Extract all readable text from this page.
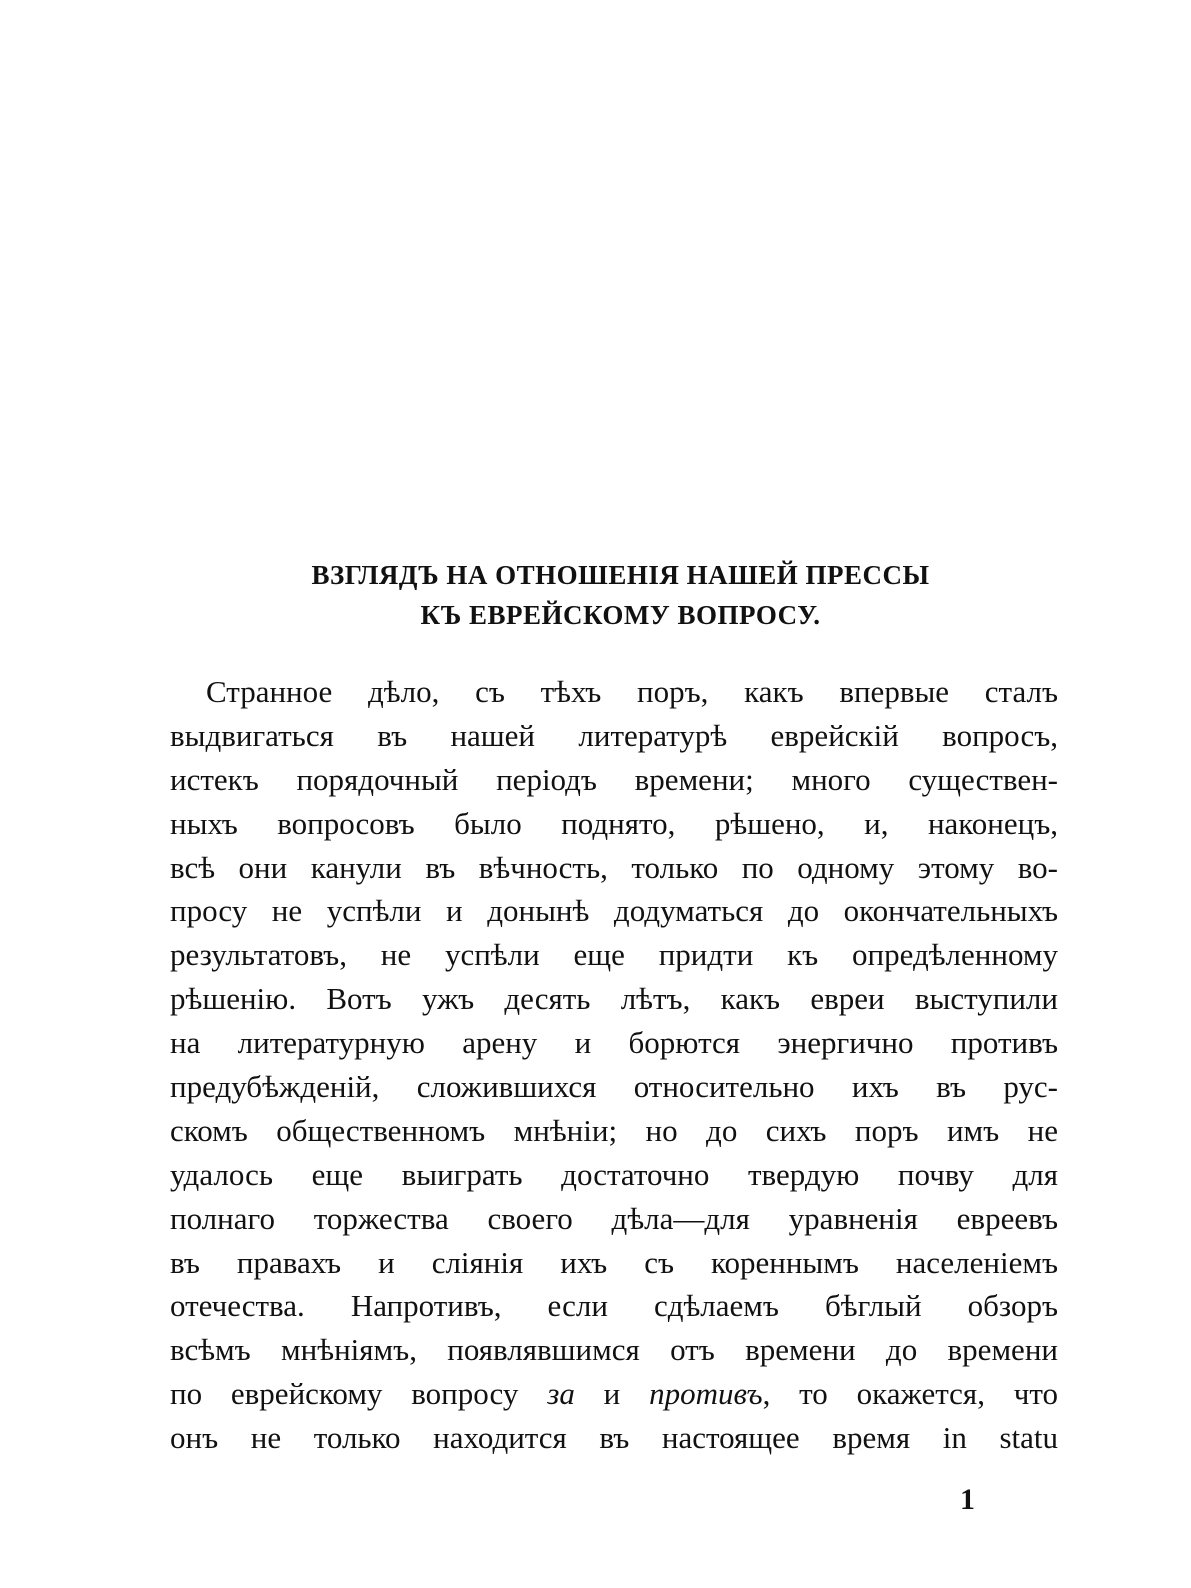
ВЗГЛЯДЪ НА ОТНОШЕНІЯ НАШЕЙ ПРЕССЫ
КЪ ЕВРЕЙСКОМУ ВОПРОСУ.
Странное дѣло, съ тѣхъ поръ, какъ впервые сталъ
выдвигаться въ нашей литературѣ еврейскій вопросъ,
истекъ порядочный періодъ времени; много существен-
ныхъ вопросовъ было поднято, рѣшено, и, наконецъ,
всѣ они канули въ вѣчность, только по одному этому во-
просу не успѣли и донынѣ додуматься до окончательныхъ
результатовъ, не успѣли еще придти къ опредѣленному
рѣшенію. Вотъ ужъ десять лѣтъ, какъ евреи выступили
на литературную арену и борются энергично противъ
предубѣжденій, сложившихся относительно ихъ въ рус-
скомъ общественномъ мнѣніи; но до сихъ поръ имъ не
удалось еще выиграть достаточно твердую почву для
полнаго торжества своего дѣла—для уравненія евреевъ
въ правахъ и сліянія ихъ съ кореннымъ населеніемъ
отечества. Напротивъ, если сдѣлаемъ бѣглый обзоръ
всѣмъ мнѣніямъ, появлявшимся отъ времени до времени
по еврейскому вопросу за и противъ, то окажется, что
онъ не только находится въ настоящее время in statu
1
